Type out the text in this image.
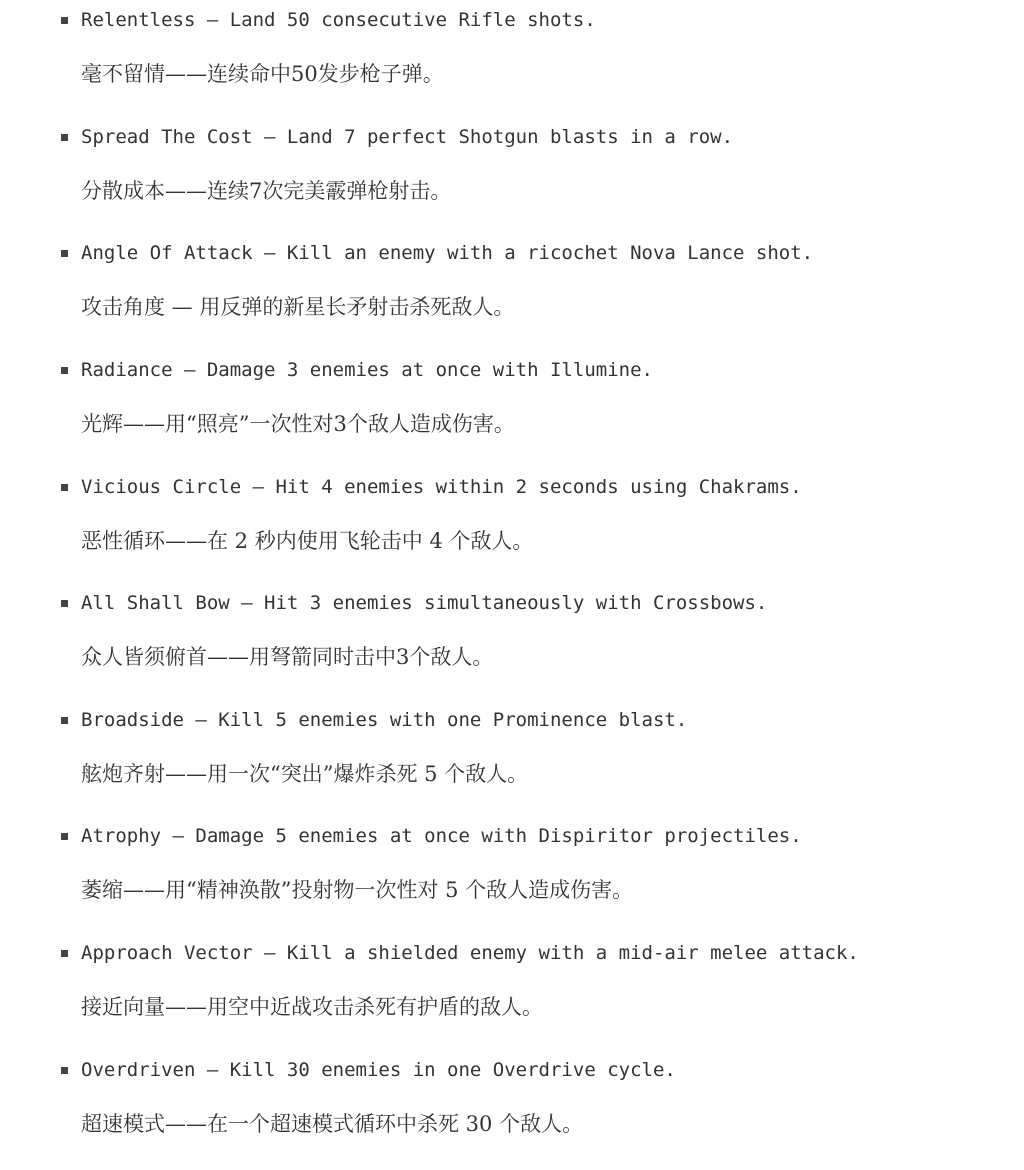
Relentless — Land 50 consecutive Rifle shots.
毫不留情——连续命中50发步枪子弹。
Spread The Cost — Land 7 perfect Shotgun blasts in a row.
分散成本——连续7次完美霰弹枪射击。
Angle Of Attack — Kill an enemy with a ricochet Nova Lance shot.
攻击角度 — 用反弹的新星长矛射击杀死敌人。
Radiance — Damage 3 enemies at once with Illumine.
光辉——用“照亮”一次性对3个敌人造成伤害。
Vicious Circle — Hit 4 enemies within 2 seconds using Chakrams.
恶性循环——在 2 秒内使用飞轮击中 4 个敌人。
All Shall Bow — Hit 3 enemies simultaneously with Crossbows.
众人皆须俯首——用弩箭同时击中3个敌人。
Broadside — Kill 5 enemies with one Prominence blast.
舷炮齐射——用一次“突出”爆炸杀死 5 个敌人。
Atrophy — Damage 5 enemies at once with Dispiritor projectiles.
萎缩——用“精神涣散”投射物一次性对 5 个敌人造成伤害。
Approach Vector — Kill a shielded enemy with a mid-air melee attack.
接近向量——用空中近战攻击杀死有护盾的敌人。
Overdriven — Kill 30 enemies in one Overdrive cycle.
超速模式——在一个超速模式循环中杀死 30 个敌人。
